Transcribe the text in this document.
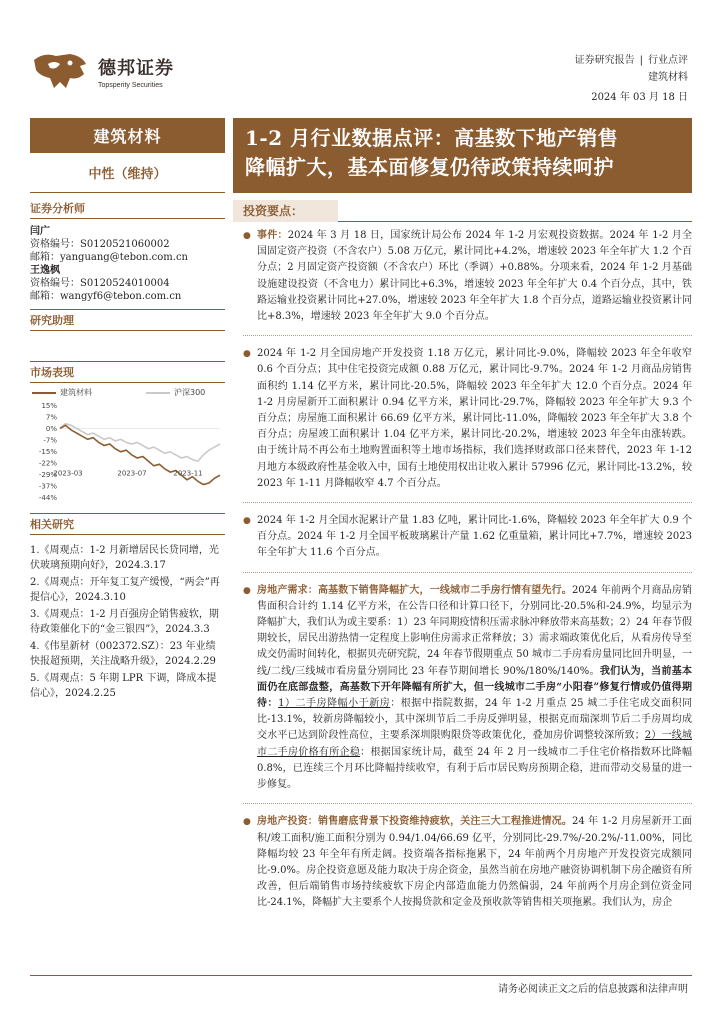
德邦证券
Topsperity Securities
证券研究报告 | 行业点评
建筑材料
2024 年 03 月 18 日
建筑材料
中性（维持）
证券分析师
闫广
资格编号：S0120521060002
邮箱：yanguang@tebon.com.cn
王逸枫
资格编号：S0120524010004
邮箱：wangyf6@tebon.com.cn
研究助理
市场表现
建筑材料	沪深300
15%
7%
0%
-7%
-15%
-22%
-29%
-37%
-44%
2023-03	2023-07	2023-11
相关研究
1.《周观点：1-2 月新增居民长贷同增，光伏玻璃预期向好》，2024.3.17
2.《周观点：开年复工复产缓慢，“两会”再提信心》，2024.3.10
3.《周观点：1-2 月百强房企销售疲软，期待政策催化下的“金三银四”》，2024.3.3
4.《伟星新材（002372.SZ）：23 年业绩快报超预期，关注战略升级》，2024.2.29
5.《周观点：5 年期 LPR 下调，降成本提信心》，2024.2.25
1-2 月行业数据点评：高基数下地产销售
降幅扩大，基本面修复仍待政策持续呵护
投资要点：
● 事件：2024 年 3 月 18 日，国家统计局公布 2024 年 1-2 月宏观投资数据。2024 年 1-2 月全国固定资产投资（不含农户）5.08 万亿元，累计同比+4.2%，增速较 2023 年全年扩大 1.2 个百分点；2 月固定资产投资额（不含农户）环比（季调）+0.88%。分项来看，2024 年 1-2 月基础设施建设投资（不含电力）累计同比+6.3%，增速较 2023 年全年扩大 0.4 个百分点，其中，铁路运输业投资累计同比+27.0%，增速较 2023 年全年扩大 1.8 个百分点，道路运输业投资累计同比+8.3%，增速较 2023 年全年扩大 9.0 个百分点。
● 2024 年 1-2 月全国房地产开发投资 1.18 万亿元，累计同比-9.0%，降幅较 2023 年全年收窄 0.6 个百分点；其中住宅投资完成额 0.88 万亿元，累计同比-9.7%。2024 年 1-2 月商品房销售面积约 1.14 亿平方米，累计同比-20.5%，降幅较 2023 年全年扩大 12.0 个百分点。2024 年 1-2 月房屋新开工面积累计 0.94 亿平方米，累计同比-29.7%，降幅较 2023 年全年扩大 9.3 个百分点；房屋施工面积累计 66.69 亿平方米，累计同比-11.0%，降幅较 2023 年全年扩大 3.8 个百分点；房屋竣工面积累计 1.04 亿平方米，累计同比-20.2%，增速较 2023 年全年由涨转跌。由于统计局不再公布土地购置面积等土地市场指标，我们选择财政部口径来替代，2023 年 1-12 月地方本级政府性基金收入中，国有土地使用权出让收入累计 57996 亿元，累计同比-13.2%，较 2023 年 1-11 月降幅收窄 4.7 个百分点。
● 2024 年 1-2 月全国水泥累计产量 1.83 亿吨，累计同比-1.6%，降幅较 2023 年全年扩大 0.9 个百分点。2024 年 1-2 月全国平板玻璃累计产量 1.62 亿重量箱，累计同比+7.7%，增速较 2023 年全年扩大 11.6 个百分点。
● 房地产需求：高基数下销售降幅扩大，一线城市二手房行情有望先行。2024 年前两个月商品房销售面积合计约 1.14 亿平方米，在公告口径和计算口径下，分别同比-20.5%和-24.9%，均显示为降幅扩大，我们认为或主要系：1）23 年同期疫情积压需求脉冲释放带来高基数；2）24 年春节假期较长，居民出游热情一定程度上影响住房需求正常释放；3）需求端政策优化后，从看房传导至成交仍需时间转化，根据贝壳研究院，24 年春节假期重点 50 城市二手房看房量同比回升明显，一线/二线/三线城市看房量分别同比 23 年春节期间增长 90%/180%/140%。我们认为，当前基本面仍在底部盘整，高基数下开年降幅有所扩大，但一线城市二手房“小阳春”修复行情或仍值得期待：1）二手房降幅小于新房：根据中指院数据，24 年 1-2 月重点 25 城二手住宅成交面积同比-13.1%，较新房降幅较小，其中深圳节后二手房反弹明显，根据克而瑞深圳节后二手房周均成交水平已达到阶段性高位，主要系深圳限购限贷等政策优化，叠加房价调整较深所致；2）一线城市二手房价格有所企稳：根据国家统计局，截至 24 年 2 月一线城市二手住宅价格指数环比降幅 0.8%，已连续三个月环比降幅持续收窄，有利于后市居民购房预期企稳，进而带动交易量的进一步修复。
● 房地产投资：销售磨底背景下投资维持疲软，关注三大工程推进情况。24 年 1-2 月房屋新开工面积/竣工面积/施工面积分别为 0.94/1.04/66.69 亿平，分别同比-29.7%/-20.2%/-11.00%，同比降幅均较 23 年全年有所走阔。投资端各指标拖累下，24 年前两个月房地产开发投资完成额同比-9.0%。房企投资意愿及能力取决于房企资金，虽然当前在房地产融资协调机制下房企融资有所改善，但后端销售市场持续疲软下房企内部造血能力仍然偏弱，24 年前两个月房企到位资金同比-24.1%，降幅扩大主要系个人按揭贷款和定金及预收款等销售相关项拖累。我们认为，房企
请务必阅读正文之后的信息披露和法律声明
